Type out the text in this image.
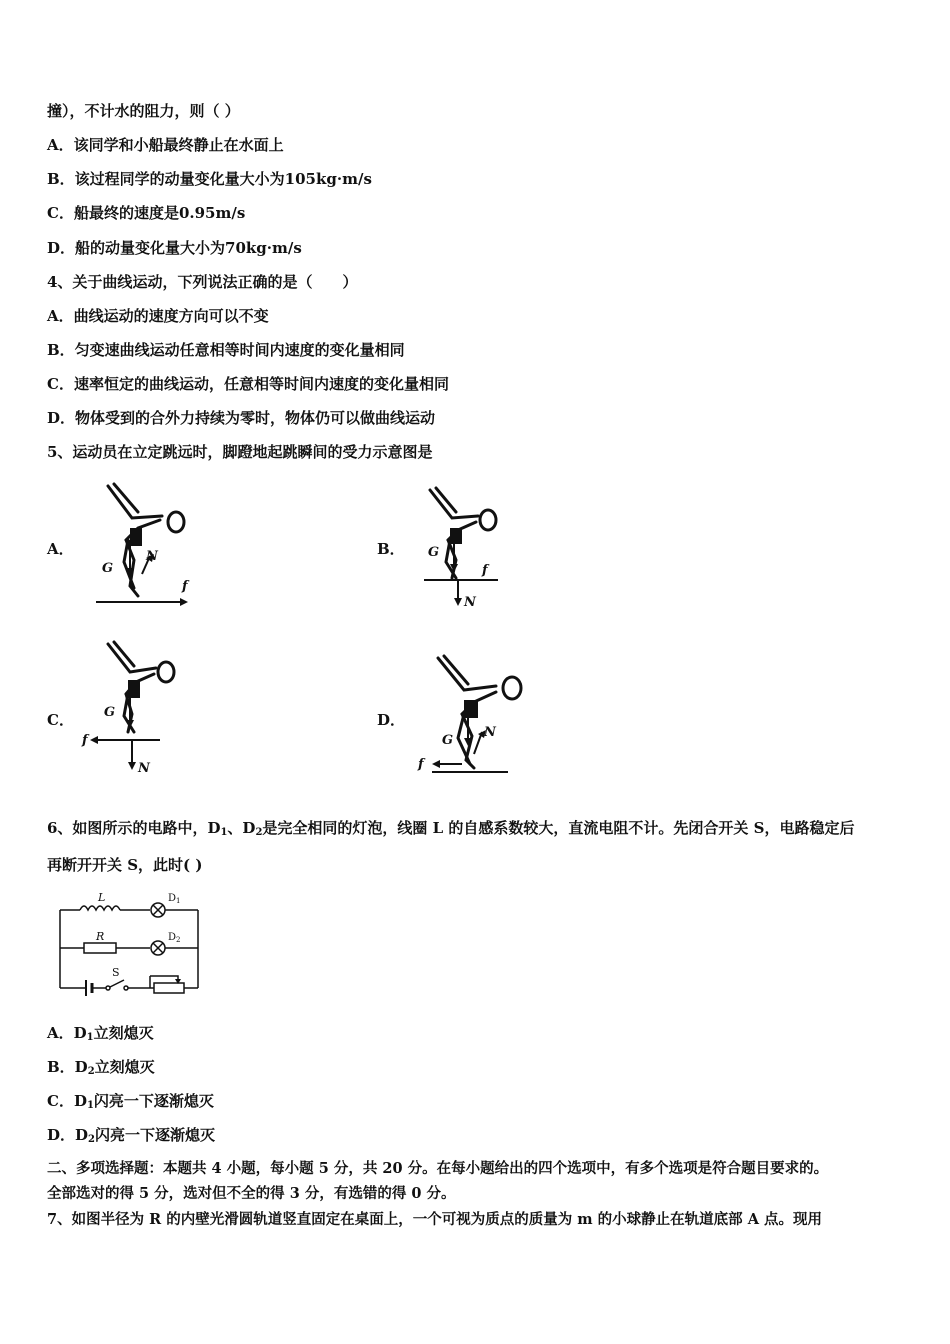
撞），不计水的阻力，则（ ）
A．该同学和小船最终静止在水面上
B．该过程同学的动量变化量大小为105kg·m/s
C．船最终的速度是0.95m/s
D．船的动量变化量大小为70kg·m/s
4、关于曲线运动，下列说法正确的是（　　）
A．曲线运动的速度方向可以不变
B．匀变速曲线运动任意相等时间内速度的变化量相同
C．速率恒定的曲线运动，任意相等时间内速度的变化量相同
D．物体受到的合外力持续为零时，物体仍可以做曲线运动
5、运动员在立定跳远时，脚蹬地起跳瞬间的受力示意图是
A．
G
N
f
B． G
N
f
C． G
N
f
D．
G
N
f
6、如图所示的电路中，$D_1$、$D_2$是完全相同的灯泡，线圈 L 的自感系数较大，直流电阻不计。先闭合开关 S，电路稳定后
再断开开关 S，此时( )
L	$D_1$
R	$D_2$
S
A．$D_1$立刻熄灭
B．$D_2$立刻熄灭
C．$D_1$闪亮一下逐渐熄灭
D．$D_2$闪亮一下逐渐熄灭
二、多项选择题：本题共 4 小题，每小题 5 分，共 20 分。在每小题给出的四个选项中，有多个选项是符合题目要求的。
全部选对的得 5 分，选对但不全的得 3 分，有选错的得 0 分。
7、如图半径为 R 的内壁光滑圆轨道竖直固定在桌面上，一个可视为质点的质量为 m 的小球静止在轨道底部 A 点。现用
